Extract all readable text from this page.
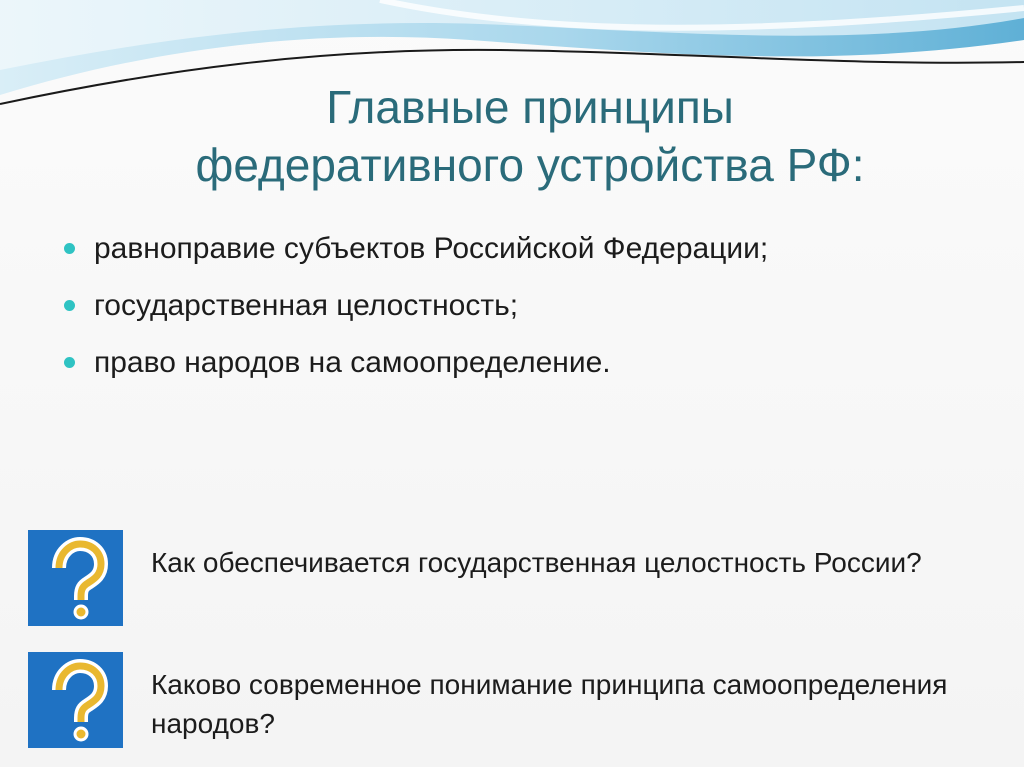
Главные принципы
федеративного устройства РФ:
равноправие субъектов Российской Федерации;
государственная целостность;
право народов на самоопределение.
Как обеспечивается государственная целостность России?
Каково современное понимание принципа самоопределения народов?
